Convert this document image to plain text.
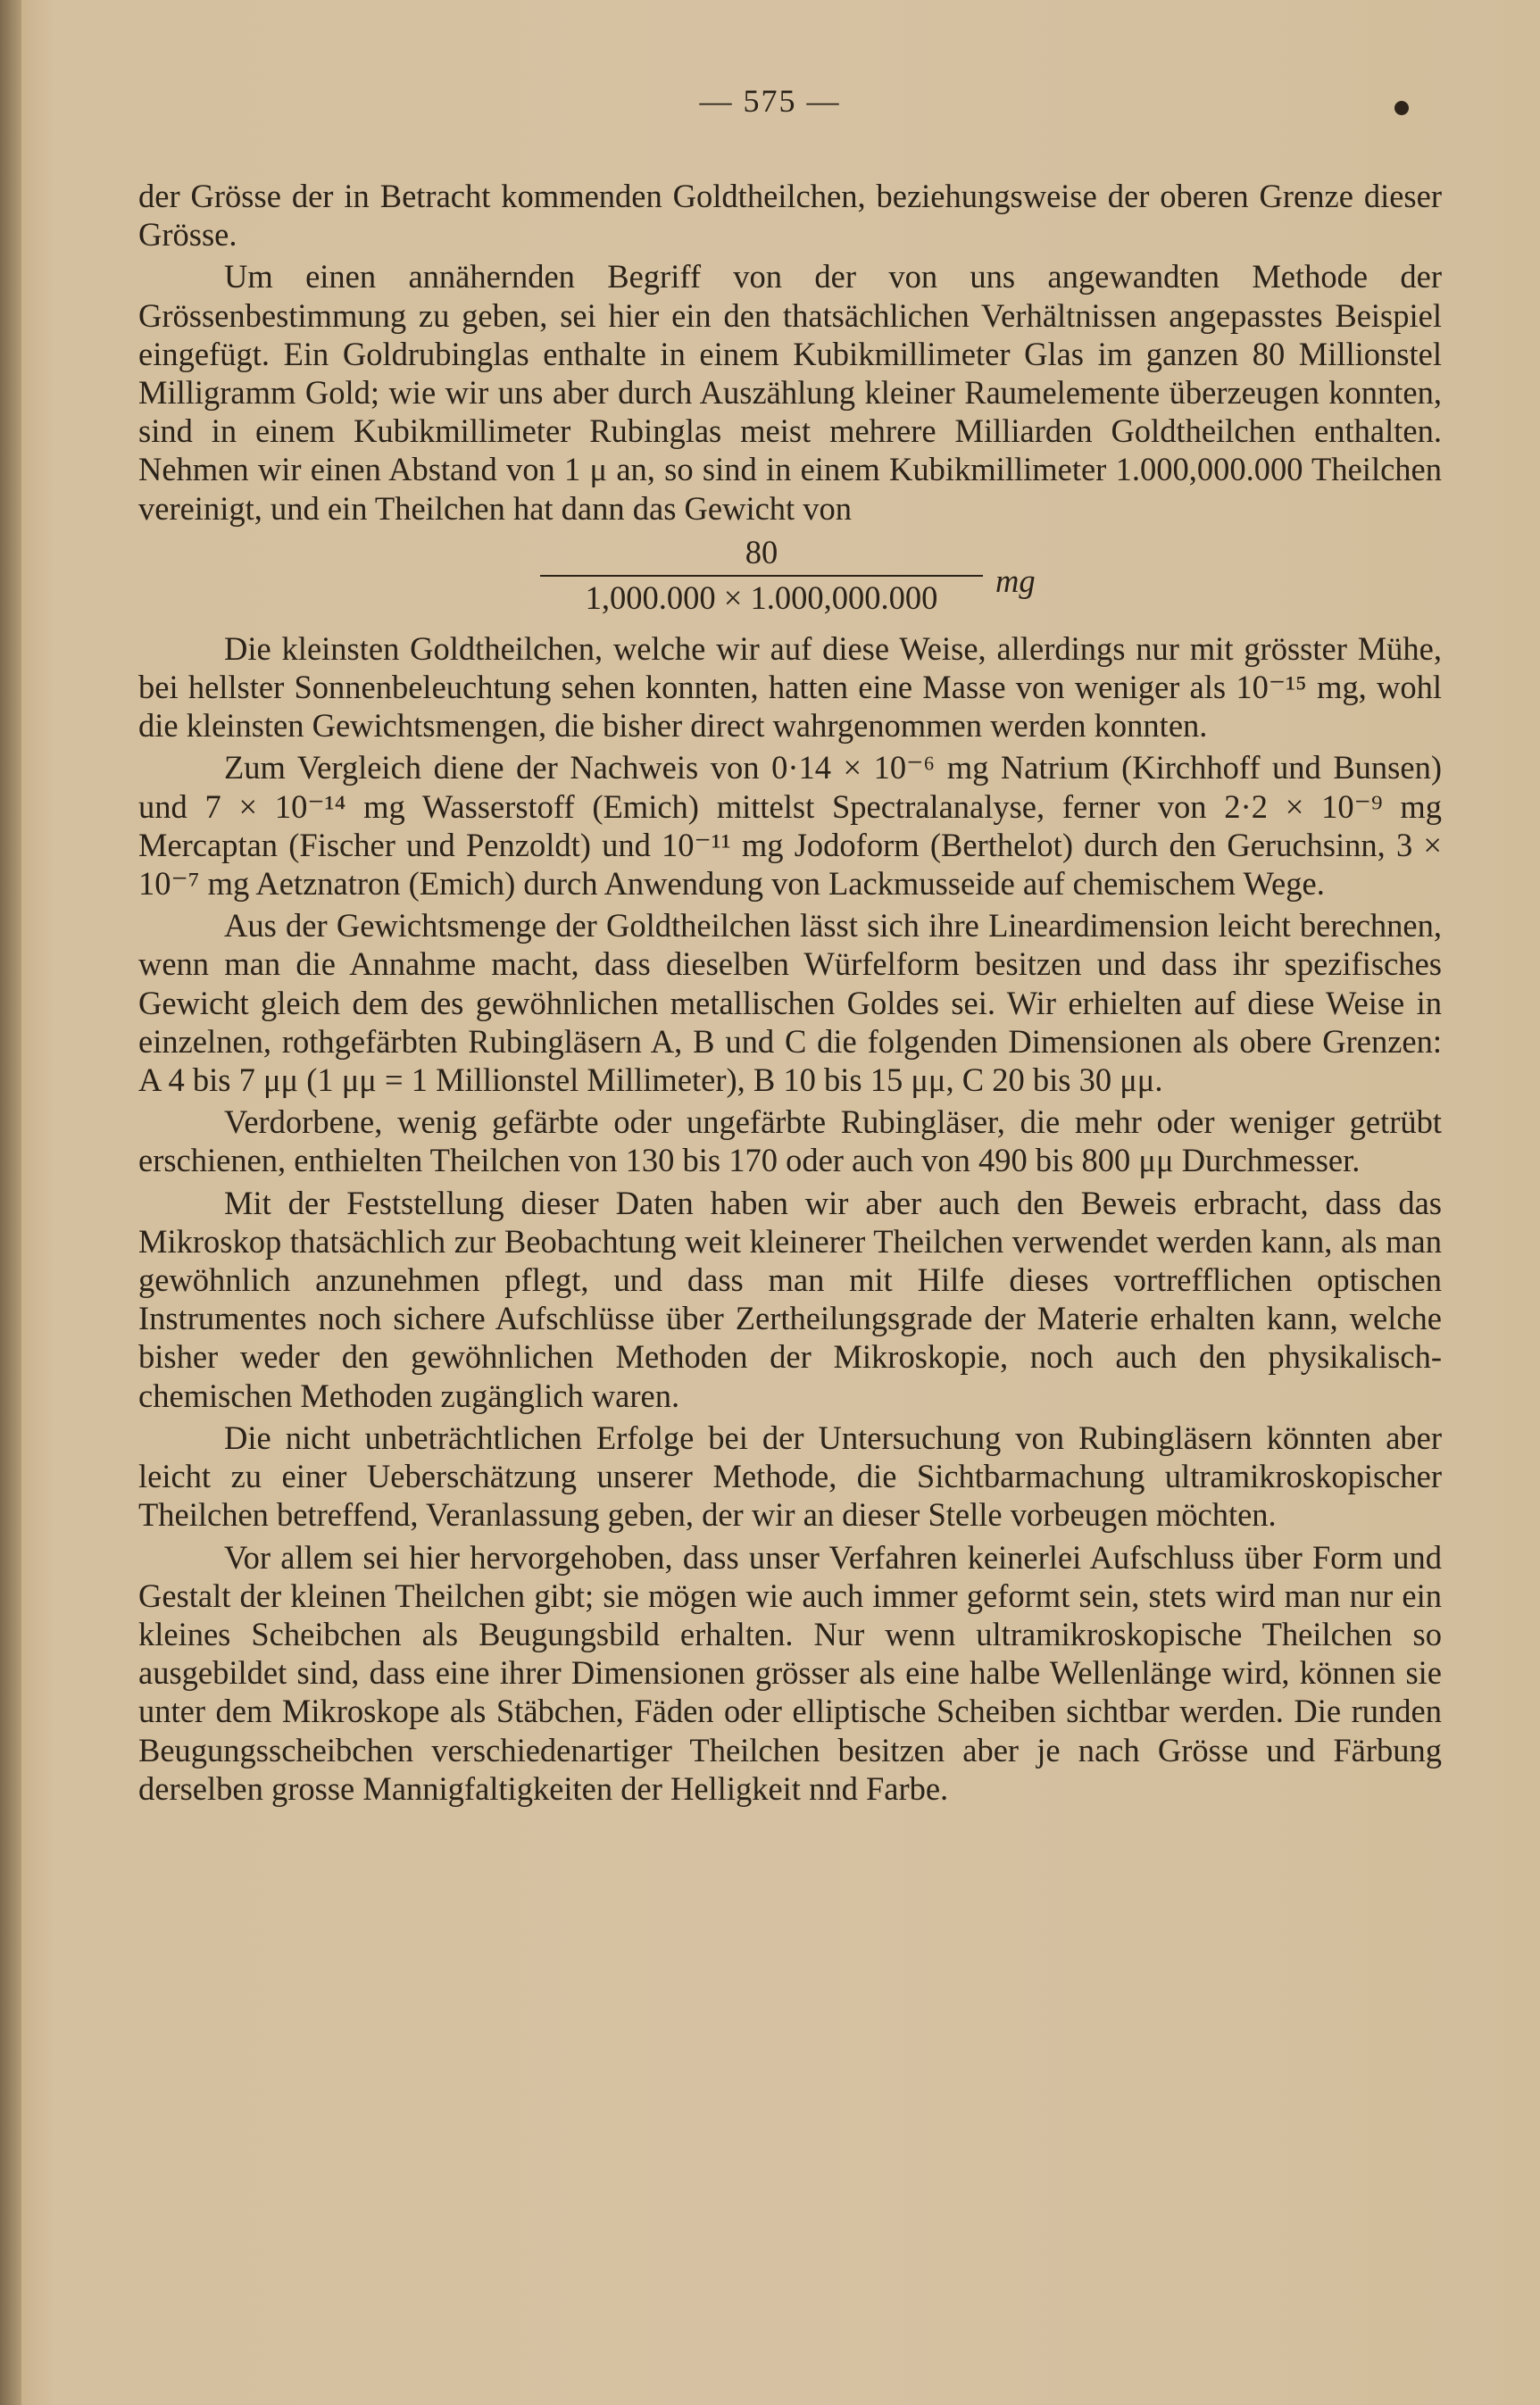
— 575 —

der Grösse der in Betracht kommenden Goldtheilchen, beziehungsweise der oberen Grenze dieser Grösse.

Um einen annähernden Begriff von der von uns angewandten Methode der Grössenbestimmung zu geben, sei hier ein den thatsächlichen Verhältnissen angepasstes Beispiel eingefügt. Ein Goldrubinglas enthalte in einem Kubikmillimeter Glas im ganzen 80 Millionstel Milligramm Gold; wie wir uns aber durch Auszählung kleiner Raumelemente überzeugen konnten, sind in einem Kubikmillimeter Rubinglas meist mehrere Milliarden Goldtheilchen enthalten. Nehmen wir einen Abstand von 1 μ an, so sind in einem Kubikmillimeter 1.000,000.000 Theilchen vereinigt, und ein Theilchen hat dann das Gewicht von

80
1,000.000 × 1.000,000.000	mg

Die kleinsten Goldtheilchen, welche wir auf diese Weise, allerdings nur mit grösster Mühe, bei hellster Sonnenbeleuchtung sehen konnten, hatten eine Masse von weniger als 10⁻¹⁵ mg, wohl die kleinsten Gewichtsmengen, die bisher direct wahrgenommen werden konnten.

Zum Vergleich diene der Nachweis von 0·14 × 10⁻⁶ mg Natrium (Kirchhoff und Bunsen) und 7 × 10⁻¹⁴ mg Wasserstoff (Emich) mittelst Spectralanalyse, ferner von 2·2 × 10⁻⁹ mg Mercaptan (Fischer und Penzoldt) und 10⁻¹¹ mg Jodoform (Berthelot) durch den Geruchsinn, 3 × 10⁻⁷ mg Aetznatron (Emich) durch Anwendung von Lackmusseide auf chemischem Wege.

Aus der Gewichtsmenge der Goldtheilchen lässt sich ihre Lineardimension leicht berechnen, wenn man die Annahme macht, dass dieselben Würfelform besitzen und dass ihr spezifisches Gewicht gleich dem des gewöhnlichen metallischen Goldes sei. Wir erhielten auf diese Weise in einzelnen, rothgefärbten Rubingläsern A, B und C die folgenden Dimensionen als obere Grenzen: A 4 bis 7 μμ (1 μμ = 1 Millionstel Millimeter), B 10 bis 15 μμ, C 20 bis 30 μμ.

Verdorbene, wenig gefärbte oder ungefärbte Rubingläser, die mehr oder weniger getrübt erschienen, enthielten Theilchen von 130 bis 170 oder auch von 490 bis 800 μμ Durchmesser.

Mit der Feststellung dieser Daten haben wir aber auch den Beweis erbracht, dass das Mikroskop thatsächlich zur Beobachtung weit kleinerer Theilchen verwendet werden kann, als man gewöhnlich anzunehmen pflegt, und dass man mit Hilfe dieses vortrefflichen optischen Instrumentes noch sichere Aufschlüsse über Zertheilungsgrade der Materie erhalten kann, welche bisher weder den gewöhnlichen Methoden der Mikroskopie, noch auch den physikalisch-chemischen Methoden zugänglich waren.

Die nicht unbeträchtlichen Erfolge bei der Untersuchung von Rubingläsern könnten aber leicht zu einer Ueberschätzung unserer Methode, die Sichtbarmachung ultramikroskopischer Theilchen betreffend, Veranlassung geben, der wir an dieser Stelle vorbeugen möchten.

Vor allem sei hier hervorgehoben, dass unser Verfahren keinerlei Aufschluss über Form und Gestalt der kleinen Theilchen gibt; sie mögen wie auch immer geformt sein, stets wird man nur ein kleines Scheibchen als Beugungsbild erhalten. Nur wenn ultramikroskopische Theilchen so ausgebildet sind, dass eine ihrer Dimensionen grösser als eine halbe Wellenlänge wird, können sie unter dem Mikroskope als Stäbchen, Fäden oder elliptische Scheiben sichtbar werden. Die runden Beugungsscheibchen verschiedenartiger Theilchen besitzen aber je nach Grösse und Färbung derselben grosse Mannigfaltigkeiten der Helligkeit nnd Farbe.
